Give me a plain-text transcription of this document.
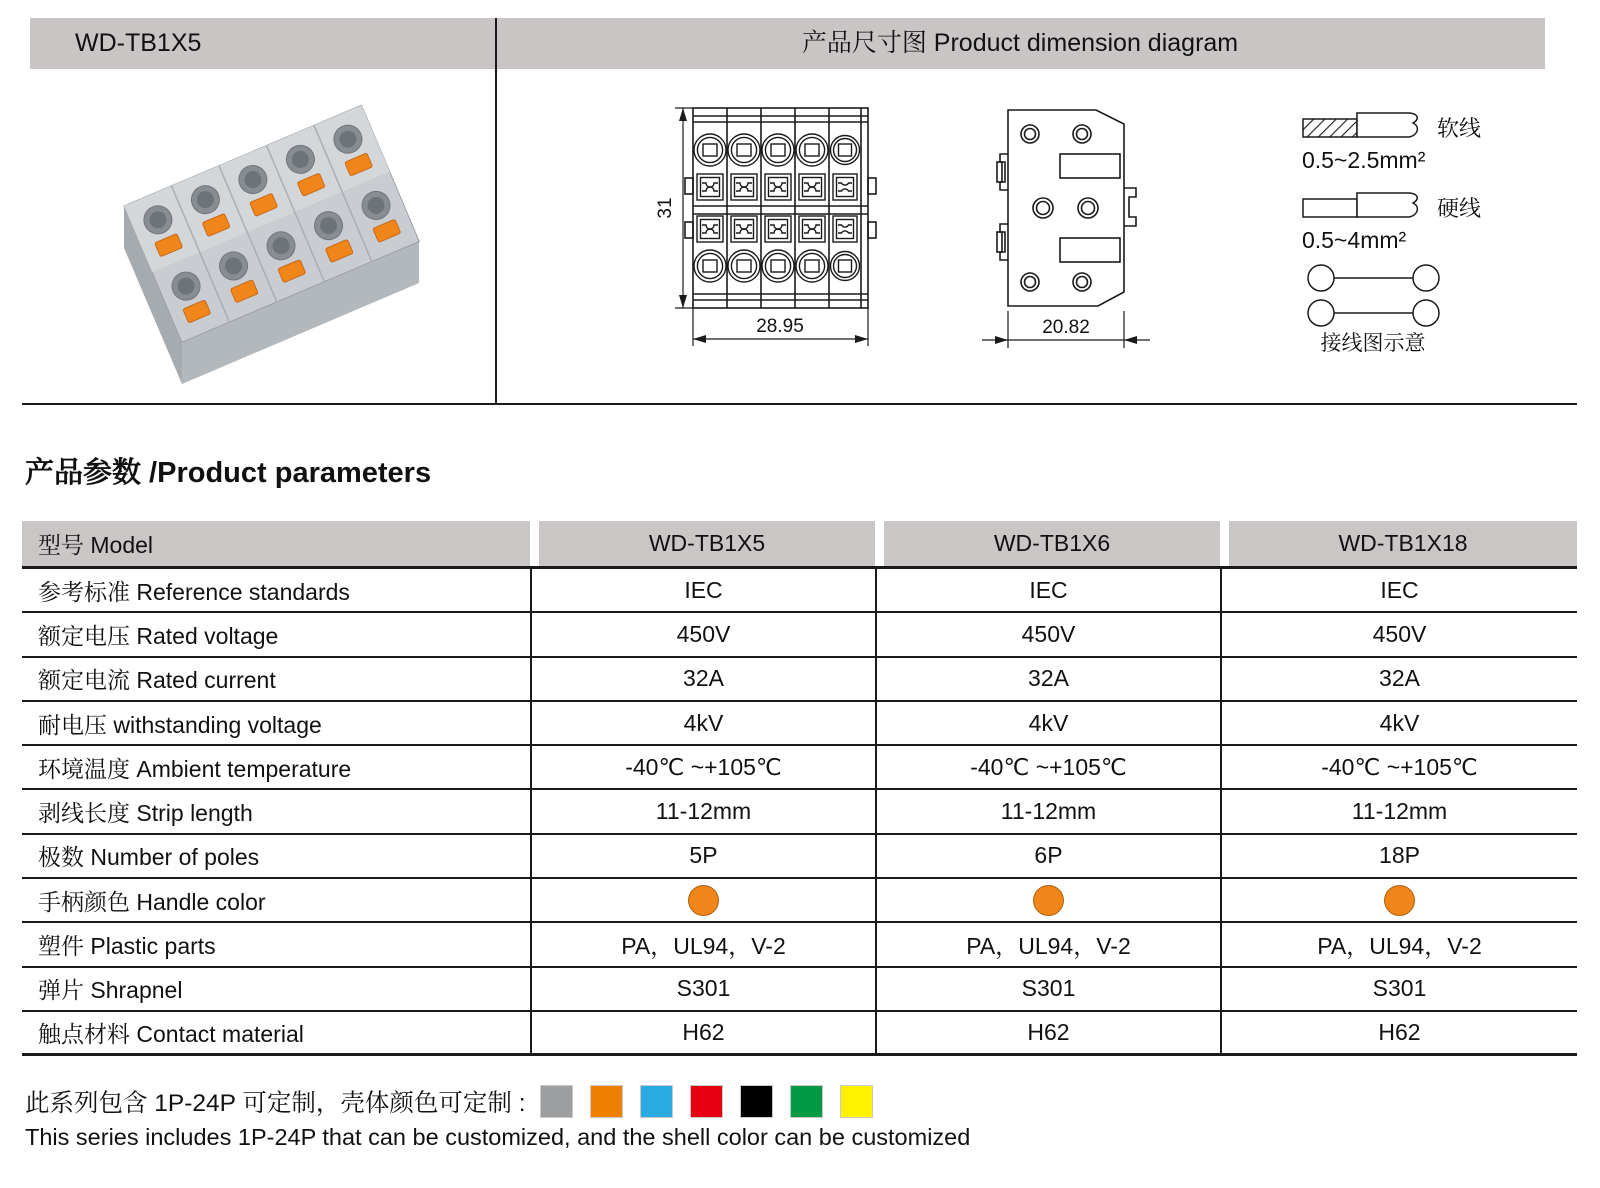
WD-TB1X5	产品尺寸图 Product dimension diagram
31
28.95	20.82
软线
0.5~2.5mm²
硬线
0.5~4mm²
接线图示意
产品参数 /Product parameters
型号 Model	WD-TB1X5	WD-TB1X6	WD-TB1X18
参考标准 Reference standards	IEC	IEC	IEC
额定电压 Rated voltage	450V	450V	450V
额定电流 Rated current	32A	32A	32A
耐电压 withstanding voltage	4kV	4kV	4kV
环境温度 Ambient temperature	-40℃ ~+105℃	-40℃ ~+105℃	-40℃ ~+105℃
剥线长度 Strip length	11-12mm	11-12mm	11-12mm
极数 Number of poles	5P	6P	18P
手柄颜色 Handle color
塑件 Plastic parts	PA，UL94，V-2	PA，UL94，V-2	PA，UL94，V-2
弹片 Shrapnel	S301	S301	S301
触点材料 Contact material	H62	H62	H62
此系列包含 1P-24P 可定制，壳体颜色可定制 :
This series includes 1P-24P that can be customized, and the shell color can be customized
